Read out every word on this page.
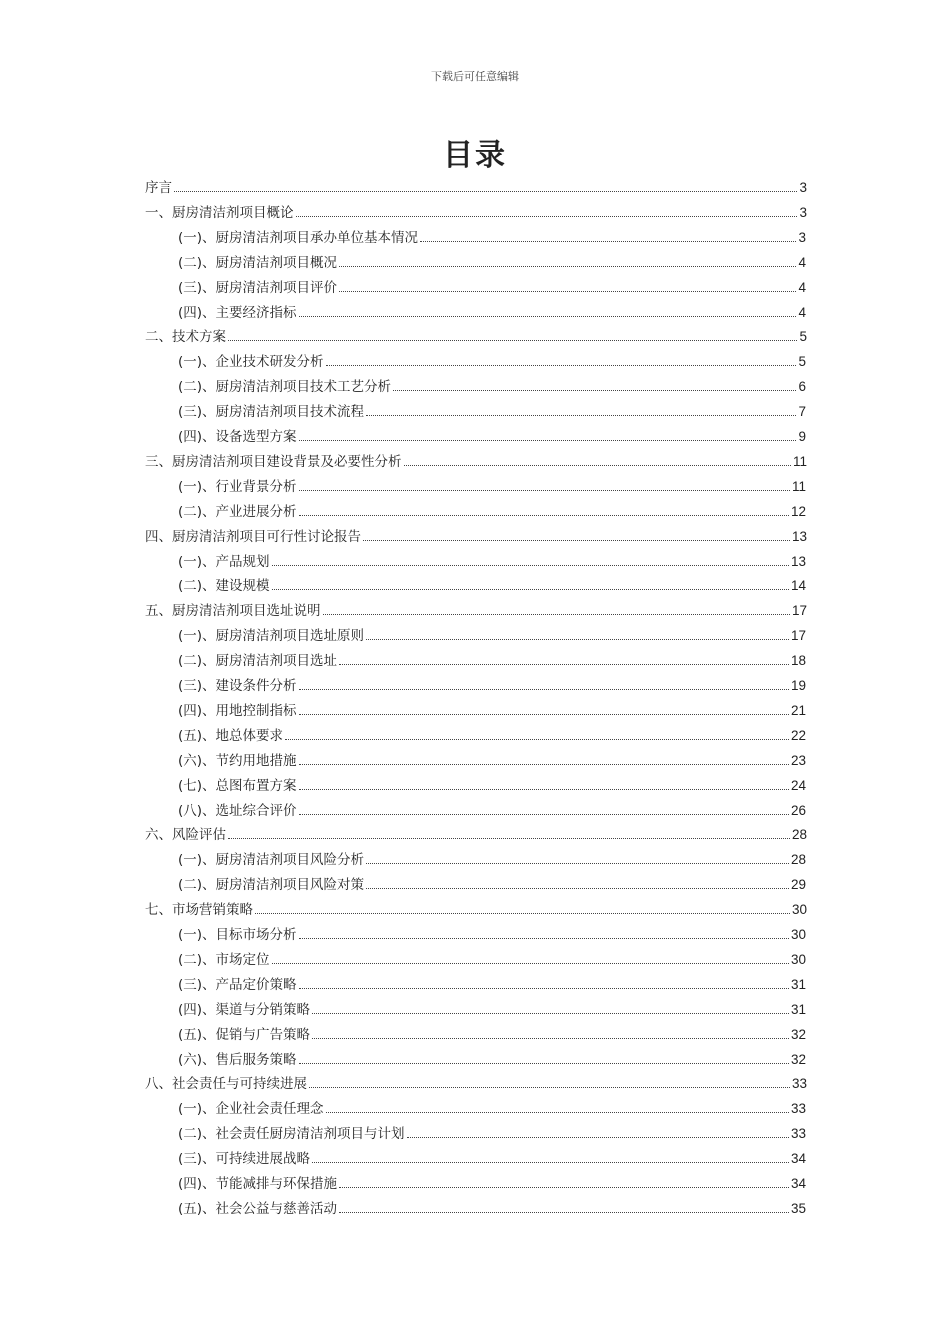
下载后可任意编辑
目录
序言	3
一、厨房清洁剂项目概论	3
(一)、厨房清洁剂项目承办单位基本情况	3
(二)、厨房清洁剂项目概况	4
(三)、厨房清洁剂项目评价	4
(四)、主要经济指标	4
二、技术方案	5
(一)、企业技术研发分析	5
(二)、厨房清洁剂项目技术工艺分析	6
(三)、厨房清洁剂项目技术流程	7
(四)、设备选型方案	9
三、厨房清洁剂项目建设背景及必要性分析	11
(一)、行业背景分析	11
(二)、产业进展分析	12
四、厨房清洁剂项目可行性讨论报告	13
(一)、产品规划	13
(二)、建设规模	14
五、厨房清洁剂项目选址说明	17
(一)、厨房清洁剂项目选址原则	17
(二)、厨房清洁剂项目选址	18
(三)、建设条件分析	19
(四)、用地控制指标	21
(五)、地总体要求	22
(六)、节约用地措施	23
(七)、总图布置方案	24
(八)、选址综合评价	26
六、风险评估	28
(一)、厨房清洁剂项目风险分析	28
(二)、厨房清洁剂项目风险对策	29
七、市场营销策略	30
(一)、目标市场分析	30
(二)、市场定位	30
(三)、产品定价策略	31
(四)、渠道与分销策略	31
(五)、促销与广告策略	32
(六)、售后服务策略	32
八、社会责任与可持续进展	33
(一)、企业社会责任理念	33
(二)、社会责任厨房清洁剂项目与计划	33
(三)、可持续进展战略	34
(四)、节能减排与环保措施	34
(五)、社会公益与慈善活动	35
